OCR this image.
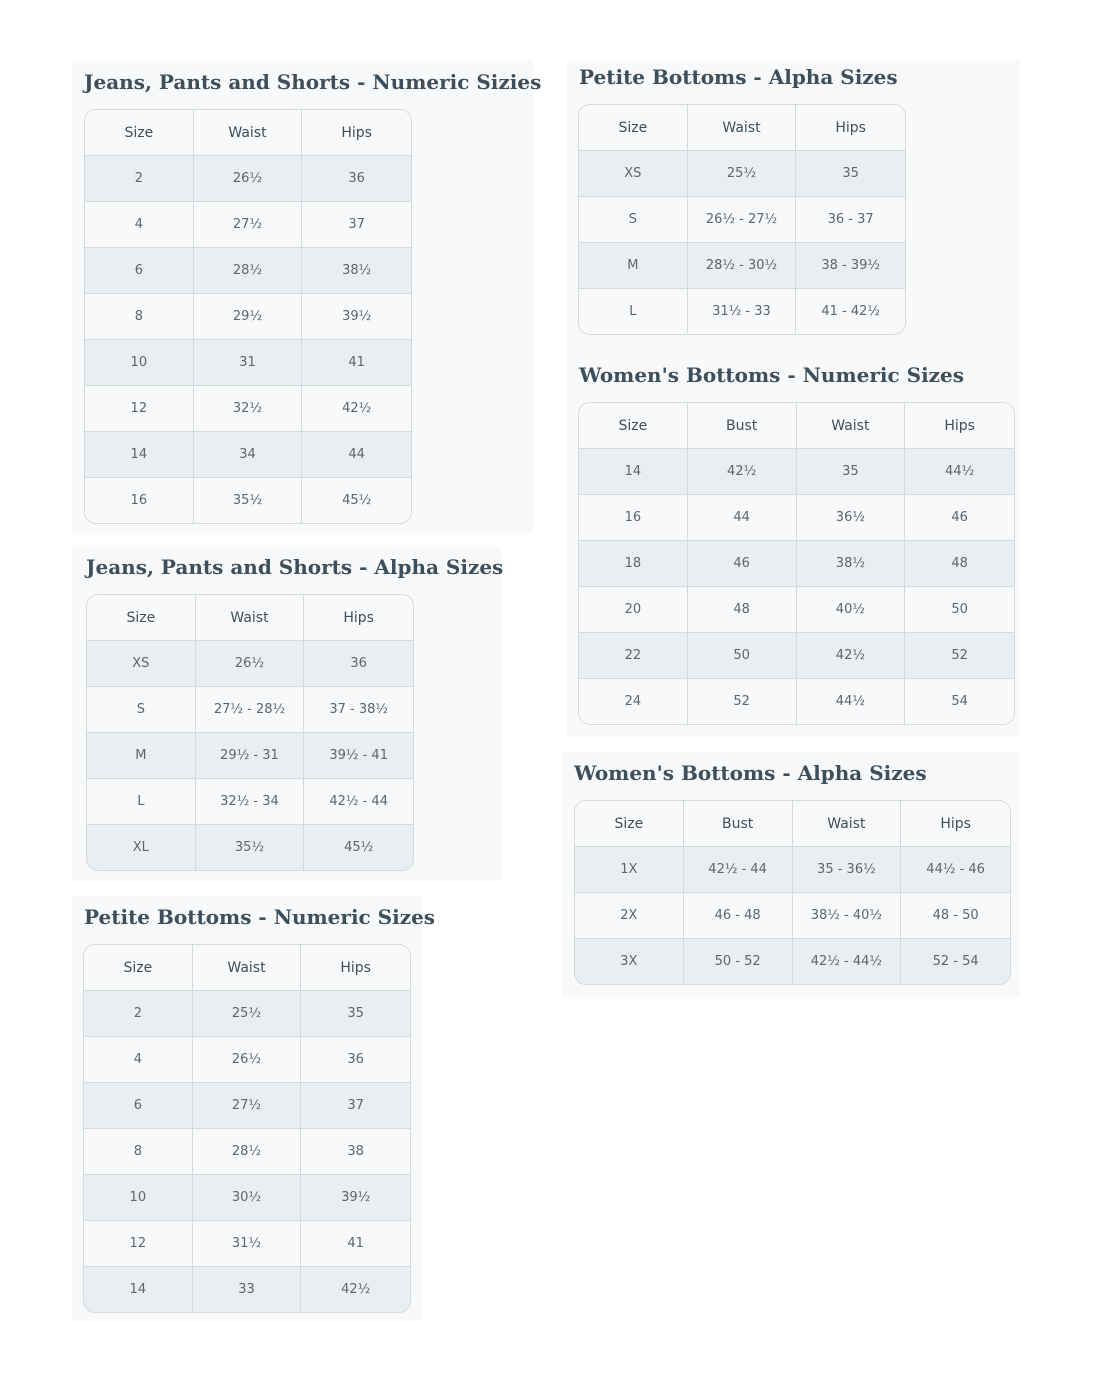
Jeans, Pants and Shorts - Numeric Sizies
Size	Waist	Hips
2	26½	36
4	27½	37
6	28½	38½
8	29½	39½
10	31	41
12	32½	42½
14	34	44
16	35½	45½
Jeans, Pants and Shorts - Alpha Sizes
Size	Waist	Hips
XS	26½	36
S	27½ - 28½	37 - 38½
M	29½ - 31	39½ - 41
L	32½ - 34	42½ - 44
XL	35½	45½
Petite Bottoms - Numeric Sizes
Size	Waist	Hips
2	25½	35
4	26½	36
6	27½	37
8	28½	38
10	30½	39½
12	31½	41
14	33	42½
Petite Bottoms - Alpha Sizes
Size	Waist	Hips
XS	25½	35
S	26½ - 27½	36 - 37
M	28½ - 30½	38 - 39½
L	31½ - 33	41 - 42½
Women's Bottoms - Numeric Sizes
Size	Bust	Waist	Hips
14	42½	35	44½
16	44	36½	46
18	46	38½	48
20	48	40½	50
22	50	42½	52
24	52	44½	54
Women's Bottoms - Alpha Sizes
Size	Bust	Waist	Hips
1X	42½ - 44	35 - 36½	44½ - 46
2X	46 - 48	38½ - 40½	48 - 50
3X	50 - 52	42½ - 44½	52 - 54
